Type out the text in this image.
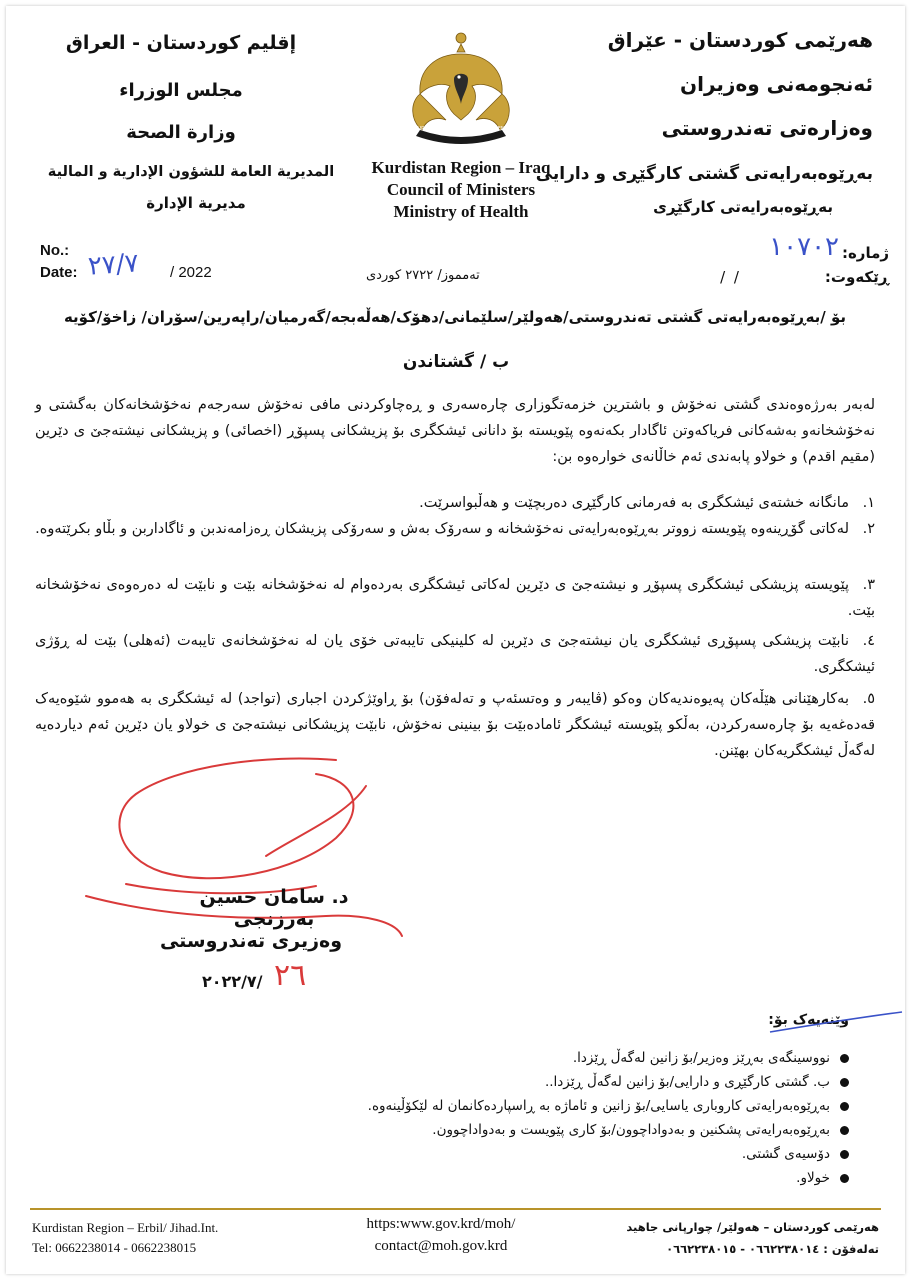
هەرێمی کوردستان - عێراق
ئەنجومەنی وەزیران
وەزارەتی تەندروستی
بەڕێوەبەرایەتی گشتی کارگێڕی و دارایی
بەڕێوەبەرایەتی کارگێڕی
KURDISTAN REGIONAL GOVERNMENT
Kurdistan Region – Iraq
Council of Ministers
Ministry of Health
إقليم كوردستان - العراق
مجلس الوزراء
وزارة الصحة
المديرية العامة للشؤون الإدارية و المالية
مديرية الإدارة
No.:
Date: ٢٧/٧ / 2022	تەمموز/ ٢٧٢٢ کوردی
ژمارە:
١٠٧٠٢
ڕێکەوت:
/ /
بۆ /بەڕێوەبەرایەتی گشتی تەندروستی/هەولێر/سلێمانی/دهۆک/هەڵەبجە/گەرمیان/راپەرین/سۆران/ زاخۆ/کۆیە
ب / گشتاندن
لەبەر بەرژەوەندی گشتی نەخۆش و باشترین خزمەتگوزاری چارەسەری و ڕەچاوکردنی مافی نەخۆش سەرجەم نەخۆشخانەکان بەگشتی و نەخۆشخانەو بەشەکانی فریاکەوتن ئاگادار بکەنەوە پێویستە بۆ دانانی ئیشکگری بۆ پزیشکانی پسپۆڕ (اخصائی) و پزیشکانی نیشتەجێ ی دێرین (مقیم اقدم) و خولاو پابەندی ئەم خاڵانەی خوارەوە بن:
١.مانگانە خشتەی ئیشکگری بە فەرمانی کارگێڕی دەربچێت و هەڵبواسرێت.
٢.لەکاتی گۆڕینەوە پێویستە زووتر بەڕێوەبەرایەتی نەخۆشخانە و سەرۆک بەش و سەرۆکی پزیشکان ڕەزامەندبن و ئاگاداربن و بڵاو بکرێتەوە.
٣.پێویستە پزیشکی ئیشکگری پسپۆڕ و نیشتەجێ ی دێرین لەکاتی ئیشکگری بەردەوام لە نەخۆشخانە بێت و نابێت لە دەرەوەی نەخۆشخانە بێت.
٤.نابێت پزیشکی پسپۆڕی ئیشکگری یان نیشتەجێ ی دێرین لە کلینیکی تایبەتی خۆی یان لە نەخۆشخانەی تایبەت (ئەهلی) بێت لە ڕۆژی ئیشکگری.
٥.بەکارهێنانی هێڵەکان پەیوەندیەکان وەکو (ڤایبەر و وەتسئەپ و تەلەفۆن) بۆ ڕاوێژکردن اجباری (تواجد) لە ئیشکگری بە هەموو شێوەیەک قەدەغەیە بۆ چارەسەرکردن، بەڵکو پێویستە ئیشکگر ئامادەبێت بۆ بینینی نەخۆش، نابێت پزیشکانی نیشتەجێ ی خولاو یان دێرین ئەم دیاردەیە لەگەڵ ئیشکگریەکان بهێنن.
د. سامان حسین بەرزنجی
وەزیری تەندروستی
٢٠٢٢/٧/ ٢٦
وێنەیەک بۆ:
نووسینگەی بەڕێز وەزیر/بۆ زانین لەگەڵ ڕێزدا.
ب. گشتی کارگێڕی و دارایی/بۆ زانین لەگەڵ ڕێزدا..
بەڕێوەبەرایەتی کاروباری یاسایی/بۆ زانین و ئاماژە بە ڕاسپاردەکانمان لە لێکۆڵینەوە.
بەڕێوەبەرایەتی پشکنین و بەدواداچوون/بۆ کاری پێویست و بەدواداچوون.
دۆسیەی گشتی.
خولاو.
Kurdistan Region – Erbil/ Jihad.Int.
Tel: 0662238014 - 0662238015
https:www.gov.krd/moh/
contact@moh.gov.krd
هەرێمی کوردستان – هەولێر/ چوارپانی جاهید
تەلەفۆن : ٠٦٦٢٢٣٨٠١٤ - ٠٦٦٢٢٣٨٠١٥
